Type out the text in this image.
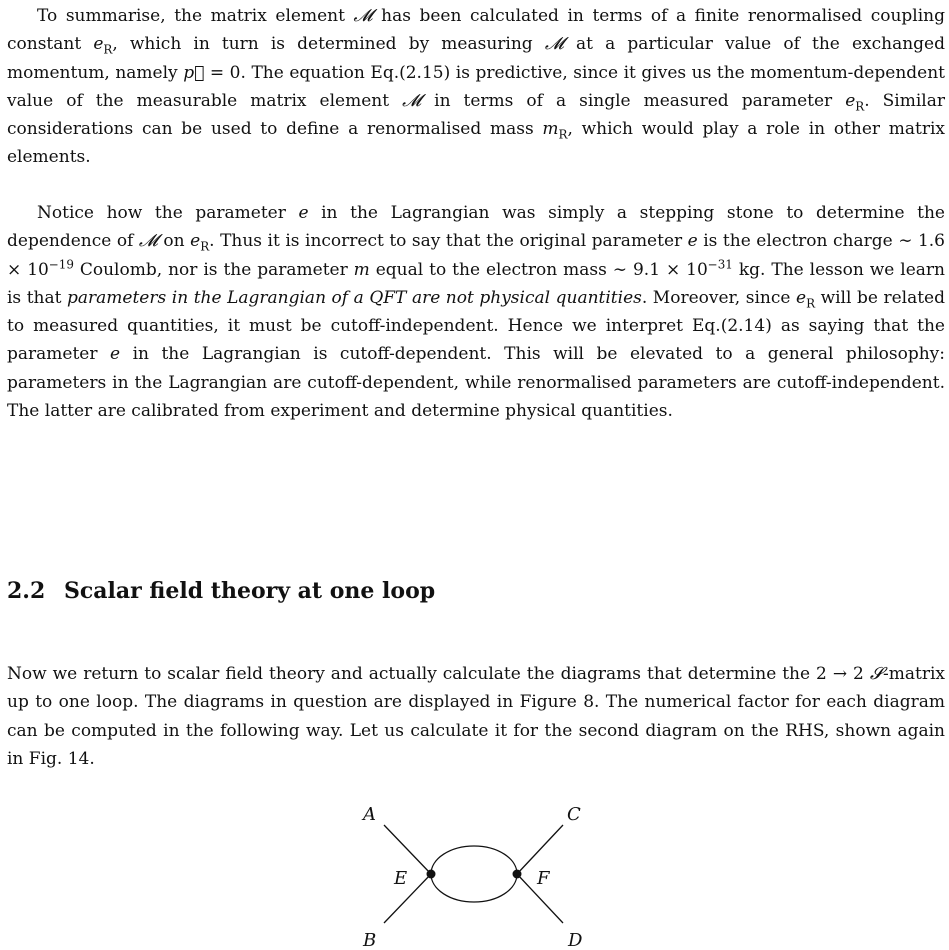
To summarise, the matrix element 𝓜 has been calculated in terms of a finite renormalised coupling constant $e_R$, which in turn is determined by measuring 𝓜 at a particular value of the exchanged momentum, namely p⃗ = 0. The equation Eq.(2.15) is predictive, since it gives us the momentum-dependent value of the measurable matrix element 𝓜 in terms of a single measured parameter $e_R$. Similar considerations can be used to define a renormalised mass $m_R$, which would play a role in other matrix elements.

Notice how the parameter e in the Lagrangian was simply a stepping stone to determine the dependence of 𝓜 on $e_R$. Thus it is incorrect to say that the original parameter e is the electron charge ∼ $1.6 \times 10^{-19}$ Coulomb, nor is the parameter m equal to the electron mass ∼ $9.1 \times 10^{-31}$ kg. The lesson we learn is that parameters in the Lagrangian of a QFT are not physical quantities. Moreover, since $e_R$ will be related to measured quantities, it must be cutoff-independent. Hence we interpret Eq.(2.14) as saying that the parameter e in the Lagrangian is cutoff-dependent. This will be elevated to a general philosophy: parameters in the Lagrangian are cutoff-dependent, while renormalised parameters are cutoff-independent. The latter are calibrated from experiment and determine physical quantities.

2.2 Scalar field theory at one loop

Now we return to scalar field theory and actually calculate the diagrams that determine the 2 → 2 𝓢-matrix up to one loop. The diagrams in question are displayed in Figure 8. The numerical factor for each diagram can be computed in the following way. Let us calculate it for the second diagram on the RHS, shown again in Fig. 14.

A
B
C
D
E	F
